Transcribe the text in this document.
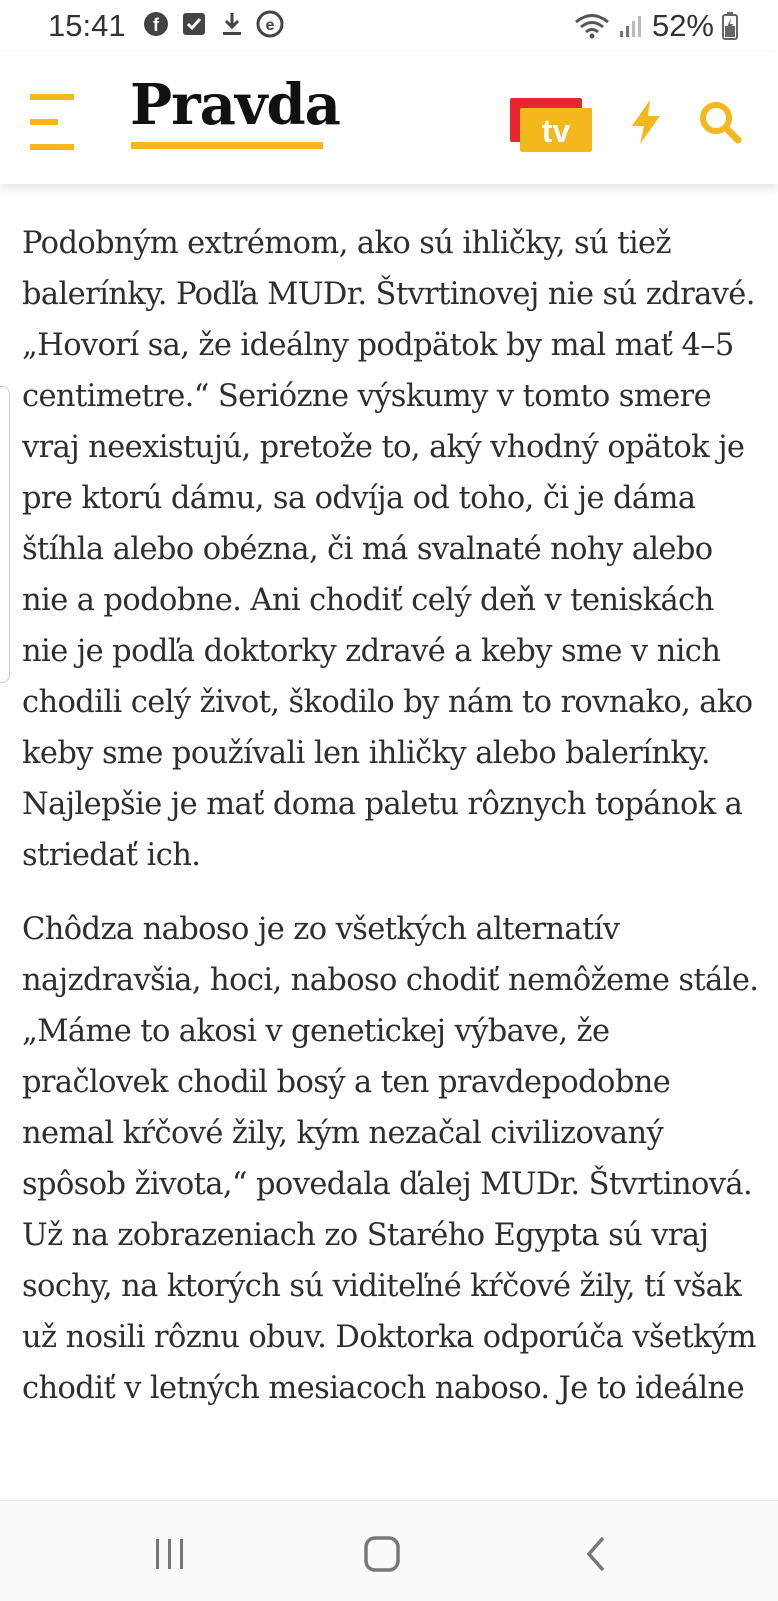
15:41 f	e	52%
Pravda	tv

Podobným extrémom, ako sú ihličky, sú tiež balerínky. Podľa MUDr. Štvrtinovej nie sú zdravé. „Hovorí sa, že ideálny podpätok by mal mať 4–5 centimetre.“ Seriózne výskumy v tomto smere vraj neexistujú, pretože to, aký vhodný opätok je pre ktorú dámu, sa odvíja od toho, či je dáma štíhla alebo obézna, či má svalnaté nohy alebo nie a podobne. Ani chodiť celý deň v teniskách nie je podľa doktorky zdravé a keby sme v nich chodili celý život, škodilo by nám to rovnako, ako keby sme používali len ihličky alebo balerínky. Najlepšie je mať doma paletu rôznych topánok a striedať ich.

Chôdza naboso je zo všetkých alternatív najzdravšia, hoci, naboso chodiť nemôžeme stále. „Máme to akosi v genetickej výbave, že pračlovek chodil bosý a ten pravdepodobne nemal kŕčové žily, kým nezačal civilizovaný spôsob života,“ povedala ďalej MUDr. Štvrtinová. Už na zobrazeniach zo Starého Egypta sú vraj sochy, na ktorých sú viditeľné kŕčové žily, tí však už nosili rôznu obuv. Doktorka odporúča všetkým chodiť v letných mesiacoch naboso. Je to ideálne
